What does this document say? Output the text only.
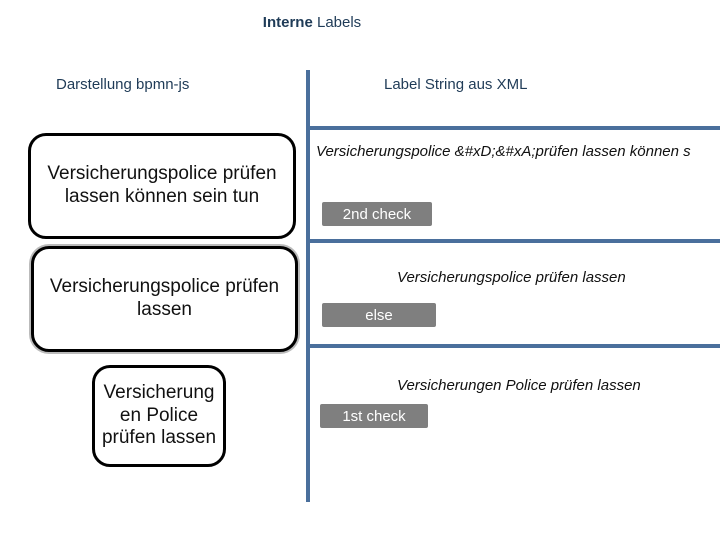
Interne Labels
Darstellung bpmn-js	Label String aus XML
Versicherungspolice prüfen lassen können sein tun
Versicherungspolice &#xD;&#xA;prüfen lassen können s
2nd check
Versicherungspolice prüfen lassen
Versicherungspolice prüfen lassen
else
Versicherung en Police prüfen lassen
Versicherungen Police prüfen lassen
1st check
